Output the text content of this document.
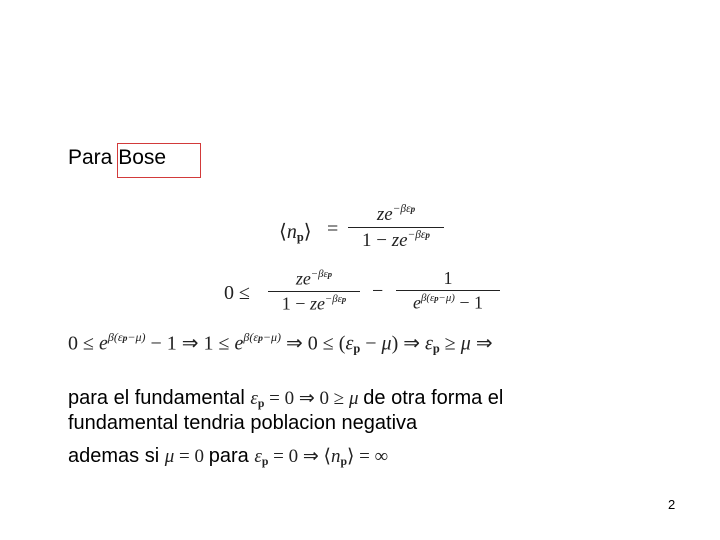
Para Bose
$⟨n_p⟩$ =
$ze^{-\beta\varepsilon p}$
$1 - ze^{-\beta\varepsilon p}$
0 ≤
$ze^{-\beta\varepsilon p}$
$1 - ze^{-\beta\varepsilon p}$	−
1
$e^{\beta(\varepsilon p-\mu)} - 1$
$0 \le e^{\beta(\varepsilon p-\mu)} - 1$ ⇒ $1 \le e^{\beta(\varepsilon p-\mu)}$ ⇒ $0 \le (\varepsilon_p - \mu)$ ⇒ $\varepsilon_p \ge \mu$ ⇒
para el fundamental $\varepsilon_p = 0$ ⇒ 0 ≥ μ de otra forma el
fundamental tendria poblacion negativa
ademas si μ = 0 para $\varepsilon_p = 0$ ⇒ $⟨n_p⟩$ = ∞
2
